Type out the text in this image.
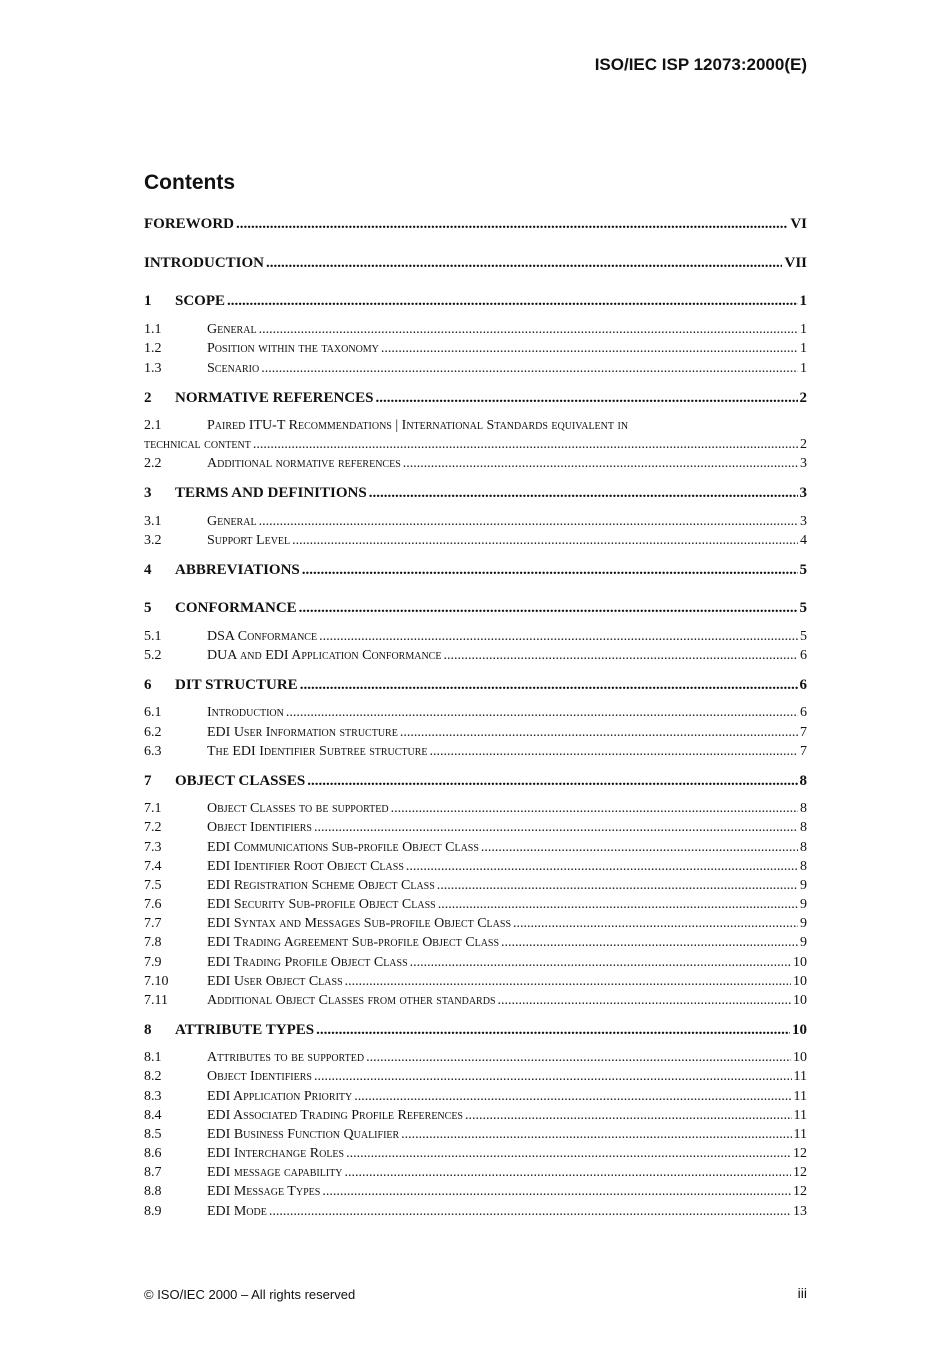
ISO/IEC ISP 12073:2000(E)
Contents
FOREWORD .....	VI
INTRODUCTION .....	VII
1	SCOPE .....	1
1.1	General .....	1
1.2	Position within the taxonomy .....	1
1.3	Scenario .....	1
2	NORMATIVE REFERENCES .....	2
2.1	Paired ITU-T Recommendations | International Standards equivalent in
technical content .....	2
2.2	Additional normative references .....	3
3	TERMS AND DEFINITIONS .....	3
3.1	General .....	3
3.2	Support Level .....	4
4	ABBREVIATIONS .....	5
5	CONFORMANCE .....	5
5.1	DSA Conformance .....	5
5.2	DUA and EDI Application Conformance .....	6
6	DIT STRUCTURE .....	6
6.1	Introduction .....	6
6.2	EDI User Information structure .....	7
6.3	The EDI Identifier Subtree structure .....	7
7	OBJECT CLASSES .....	8
7.1	Object Classes to be supported .....	8
7.2	Object Identifiers .....	8
7.3	EDI Communications Sub-profile Object Class .....	8
7.4	EDI Identifier Root Object Class .....	8
7.5	EDI Registration Scheme Object Class .....	9
7.6	EDI Security Sub-profile Object Class .....	9
7.7	EDI Syntax and Messages Sub-profile Object Class .....	9
7.8	EDI Trading Agreement Sub-profile Object Class .....	9
7.9	EDI Trading Profile Object Class .....	10
7.10	EDI User Object Class .....	10
7.11	Additional Object Classes from other standards .....	10
8	ATTRIBUTE TYPES .....	10
8.1	Attributes to be supported .....	10
8.2	Object Identifiers .....	11
8.3	EDI Application Priority .....	11
8.4	EDI Associated Trading Profile References .....	11
8.5	EDI Business Function Qualifier .....	11
8.6	EDI Interchange Roles .....	12
8.7	EDI message capability .....	12
8.8	EDI Message Types .....	12
8.9	EDI Mode .....	13
© ISO/IEC 2000 – All rights reserved	iii
